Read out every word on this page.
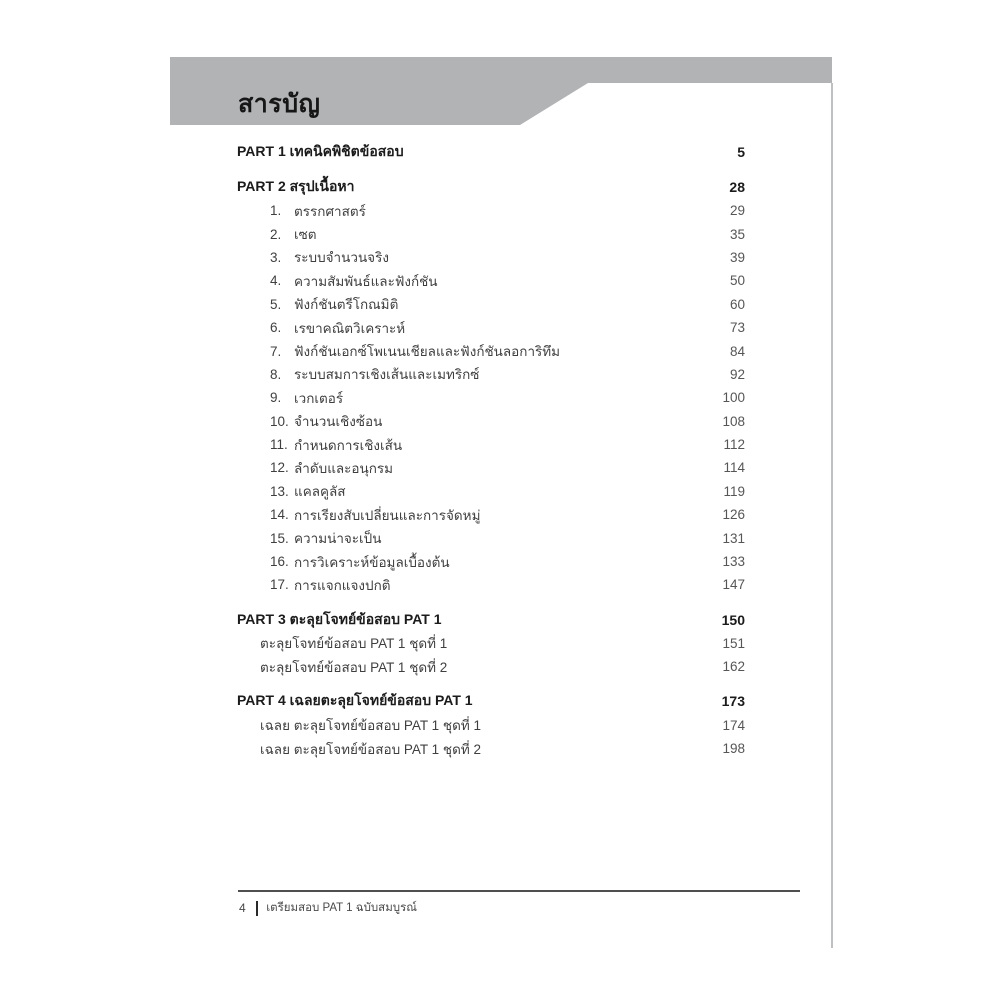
สารบัญ
PART 1 เทคนิคพิชิตข้อสอบ	5
PART 2 สรุปเนื้อหา	28
1. ตรรกศาสตร์	29
2. เซต	35
3. ระบบจำนวนจริง	39
4. ความสัมพันธ์และฟังก์ชัน	50
5. ฟังก์ชันตรีโกณมิติ	60
6. เรขาคณิตวิเคราะห์	73
7. ฟังก์ชันเอกซ์โพเนนเชียลและฟังก์ชันลอการิทึม	84
8. ระบบสมการเชิงเส้นและเมทริกซ์	92
9. เวกเตอร์	100
10. จำนวนเชิงซ้อน	108
11. กำหนดการเชิงเส้น	112
12. ลำดับและอนุกรม	114
13. แคลคูลัส	119
14. การเรียงสับเปลี่ยนและการจัดหมู่	126
15. ความน่าจะเป็น	131
16. การวิเคราะห์ข้อมูลเบื้องต้น	133
17. การแจกแจงปกติ	147
PART 3 ตะลุยโจทย์ข้อสอบ PAT 1	150
ตะลุยโจทย์ข้อสอบ PAT 1 ชุดที่ 1	151
ตะลุยโจทย์ข้อสอบ PAT 1 ชุดที่ 2	162
PART 4 เฉลยตะลุยโจทย์ข้อสอบ PAT 1	173
เฉลย ตะลุยโจทย์ข้อสอบ PAT 1 ชุดที่ 1	174
เฉลย ตะลุยโจทย์ข้อสอบ PAT 1 ชุดที่ 2	198
4 เตรียมสอบ PAT 1 ฉบับสมบูรณ์
